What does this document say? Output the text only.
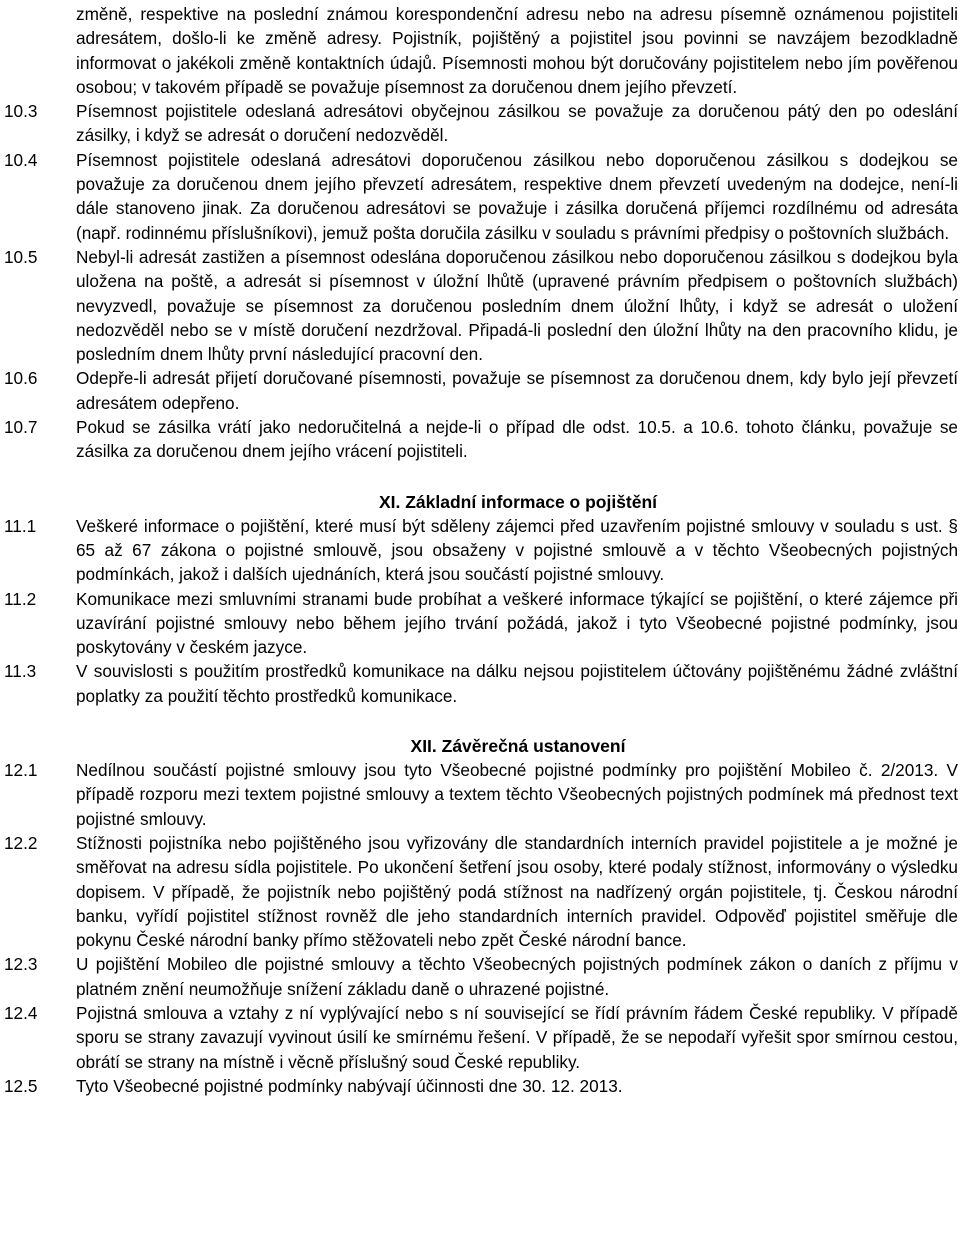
změně, respektive na poslední známou korespondenční adresu nebo na adresu písemně oznámenou pojistiteli adresátem, došlo-li ke změně adresy. Pojistník, pojištěný a pojistitel jsou povinni se navzájem bezodkladně informovat o jakékoli změně kontaktních údajů. Písemnosti mohou být doručovány pojistitelem nebo jím pověřenou osobou; v takovém případě se považuje písemnost za doručenou dnem jejího převzetí.
10.3	Písemnost pojistitele odeslaná adresátovi obyčejnou zásilkou se považuje za doručenou pátý den po odeslání zásilky, i když se adresát o doručení nedozvěděl.
10.4	Písemnost pojistitele odeslaná adresátovi doporučenou zásilkou nebo doporučenou zásilkou s dodejkou se považuje za doručenou dnem jejího převzetí adresátem, respektive dnem převzetí uvedeným na dodejce, není-li dále stanoveno jinak. Za doručenou adresátovi se považuje i zásilka doručená příjemci rozdílnému od adresáta (např. rodinnému příslušníkovi), jemuž pošta doručila zásilku v souladu s právními předpisy o poštovních službách.
10.5	Nebyl-li adresát zastižen a písemnost odeslána doporučenou zásilkou nebo doporučenou zásilkou s dodejkou byla uložena na poště, a adresát si písemnost v úložní lhůtě (upravené právním předpisem o poštovních službách) nevyzvedl, považuje se písemnost za doručenou posledním dnem úložní lhůty, i když se adresát o uložení nedozvěděl nebo se v místě doručení nezdržoval. Připadá-li poslední den úložní lhůty na den pracovního klidu, je posledním dnem lhůty první následující pracovní den.
10.6	Odepře-li adresát přijetí doručované písemnosti, považuje se písemnost za doručenou dnem, kdy bylo její převzetí adresátem odepřeno.
10.7	Pokud se zásilka vrátí jako nedoručitelná a nejde-li o případ dle odst. 10.5. a 10.6. tohoto článku, považuje se zásilka za doručenou dnem jejího vrácení pojistiteli.
XI. Základní informace o pojištění
11.1	Veškeré informace o pojištění, které musí být sděleny zájemci před uzavřením pojistné smlouvy v souladu s ust. § 65 až 67 zákona o pojistné smlouvě, jsou obsaženy v pojistné smlouvě a v těchto Všeobecných pojistných podmínkách, jakož i dalších ujednáních, která jsou součástí pojistné smlouvy.
11.2	Komunikace mezi smluvními stranami bude probíhat a veškeré informace týkající se pojištění, o které zájemce při uzavírání pojistné smlouvy nebo během jejího trvání požádá, jakož i tyto Všeobecné pojistné podmínky, jsou poskytovány v českém jazyce.
11.3	V souvislosti s použitím prostředků komunikace na dálku nejsou pojistitelem účtovány pojištěnému žádné zvláštní poplatky za použití těchto prostředků komunikace.
XII. Závěrečná ustanovení
12.1	Nedílnou součástí pojistné smlouvy jsou tyto Všeobecné pojistné podmínky pro pojištění Mobileo č. 2/2013. V případě rozporu mezi textem pojistné smlouvy a textem těchto Všeobecných pojistných podmínek má přednost text pojistné smlouvy.
12.2	Stížnosti pojistníka nebo pojištěného jsou vyřizovány dle standardních interních pravidel pojistitele a je možné je směřovat na adresu sídla pojistitele. Po ukončení šetření jsou osoby, které podaly stížnost, informovány o výsledku dopisem. V případě, že pojistník nebo pojištěný podá stížnost na nadřízený orgán pojistitele, tj. Českou národní banku, vyřídí pojistitel stížnost rovněž dle jeho standardních interních pravidel. Odpověď pojistitel směřuje dle pokynu České národní banky přímo stěžovateli nebo zpět České národní bance.
12.3	U pojištění Mobileo dle pojistné smlouvy a těchto Všeobecných pojistných podmínek zákon o daních z příjmu v platném znění neumožňuje snížení základu daně o uhrazené pojistné.
12.4	Pojistná smlouva a vztahy z ní vyplývající nebo s ní související se řídí právním řádem České republiky. V případě sporu se strany zavazují vyvinout úsilí ke smírnému řešení. V případě, že se nepodaří vyřešit spor smírnou cestou, obrátí se strany na místně i věcně příslušný soud České republiky.
12.5	Tyto Všeobecné pojistné podmínky nabývají účinnosti dne 30. 12. 2013.
